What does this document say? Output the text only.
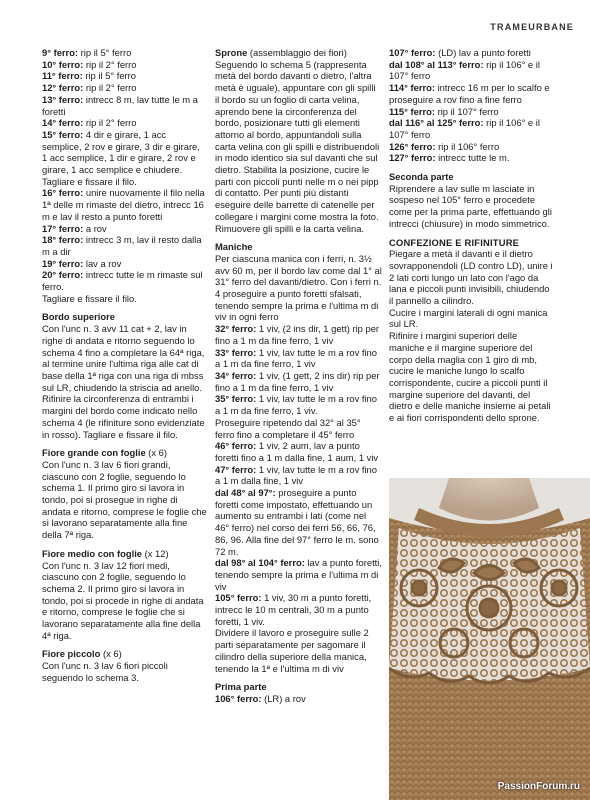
TRAMEURBANE

9° ferro: rip il 5° ferro

10° ferro: rip il 2° ferro

11° ferro: rip il 5° ferro

12° ferro: rip il 2° ferro

13° ferro: intrecc 8 m, lav tutte le m a foretti

14° ferro: rip il 2° ferro

15° ferro: 4 dir e girare, 1 acc semplice, 2 rov e girare, 3 dir e girare, 1 acc semplice, 1 dir e girare, 2 rov e girare, 1 acc semplice e chiudere.

Tagliare e fissare il filo.

16° ferro: unire nuovamente il filo nella 1ª delle m rimaste del dietro, intrecc 16 m e lav il resto a punto foretti

17° ferro: a rov

18° ferro: intrecc 3 m, lav il resto dalla m a dir

19° ferro: lav a rov

20° ferro: intrecc tutte le m rimaste sul ferro.

Tagliare e fissare il filo.

Bordo superiore

Con l'unc n. 3 avv 11 cat + 2, lav in righe di andata e ritorno seguendo lo schema 4 fino a completare la 64ª riga, al termine unire l'ultima riga alle cat di base della 1ª riga con una riga di mbss sul LR, chiudendo la striscia ad anello. Rifinire la circonferenza di entrambi i margini del bordo come indicato nello schema 4 (le rifiniture sono evidenziate in rosso). Tagliare e fissare il filo.

Fiore grande con foglie (x 6)

Con l'unc n. 3 lav 6 fiori grandi, ciascuno con 2 foglie, seguendo lo schema 1. Il primo giro si lavora in tondo, poi si prosegue in righe di andata e ritorno, comprese le foglie che si lavorano separatamente alla fine della 7ª riga.

Fiore medio con foglie (x 12)

Con l'unc n. 3 lav 12 fiori medi, ciascuno con 2 foglie, seguendo lo schema 2. Il primo giro si lavora in tondo, poi si procede in righe di andata e ritorno, comprese le foglie che si lavorano separatamente alla fine della 4ª riga.

Fiore piccolo (x 6)

Con l'unc n. 3 lav 6 fiori piccoli seguendo lo schema 3.

Sprone (assemblaggio dei fiori)

Seguendo lo schema 5 (rappresenta metà del bordo davanti o dietro, l'altra metà è uguale), appuntare con gli spilli il bordo su un foglio di carta velina, aprendo bene la circonferenza del bordo, posizionare tutti gli elementi attorno al bordo, appuntandoli sulla carta velina con gli spilli e distribuendoli in modo identico sia sul davanti che sul dietro. Stabilita la posizione, cucire le parti con piccoli punti nelle m o nei pipp di contatto. Per punti più distanti eseguire delle barrette di catenelle per collegare i margini come mostra la foto. Rimuovere gli spilli e la carta velina.

Maniche

Per ciascuna manica con i ferri, n. 3½ avv 60 m, per il bordo lav come dal 1° al 31° ferro del davanti/dietro. Con i ferri n. 4 proseguire a punto foretti sfalsati, tenendo sempre la prima e l'ultima m di viv in ogni ferro

32° ferro: 1 viv, (2 ins dir, 1 gett) rip per fino a 1 m da fine ferro, 1 viv

33° ferro: 1 viv, lav tutte le m a rov fino a 1 m da fine ferro, 1 viv

34° ferro: 1 viv, (1 gett, 2 ins dir) rip per fino a 1 m da fine ferro, 1 viv

35° ferro: 1 viv, lav tutte le m a rov fino a 1 m da fine ferro, 1 viv.

Proseguire ripetendo dal 32° al 35° ferro fino a completare il 45° ferro

46° ferro: 1 viv, 2 aum, lav a punto foretti fino a 1 m dalla fine, 1 aum, 1 viv

47° ferro: 1 viv, lav tutte le m a rov fino a 1 m dalla fine, 1 viv

dal 48° al 97°: proseguire a punto foretti come impostato, effettuando un aumento su entrambi i lati (come nel 46° ferro) nel corso dei ferri 56, 66, 76, 86, 96. Alla fine del 97° ferro le m. sono 72 m.

dal 98° al 104° ferro: lav a punto foretti, tenendo sempre la prima e l'ultima m di viv

105° ferro: 1 viv, 30 m a punto foretti, intrecc le 10 m centrali, 30 m a punto foretti, 1 viv.

Dividere il lavoro e proseguire sulle 2 parti separatamente per sagomare il cilindro della superiore della manica, tenendo la 1ª e l'ultima m di viv

Prima parte

106° ferro: (LR) a rov

107° ferro: (LD) lav a punto foretti

dal 108° al 113° ferro: rip il 106° e il 107° ferro

114° ferro: intrecc 16 m per lo scalfo e proseguire a rov fino a fine ferro

115° ferro: rip il 107° ferro

dal 116° al 125° ferro: rip il 106° e il 107° ferro

126° ferro: rip il 106° ferro

127° ferro: intrecc tutte le m.

Seconda parte

Riprendere a lav sulle m lasciate in sospeso nel 105° ferro e procedete come per la prima parte, effettuando gli intrecci (chiusure) in modo simmetrico.

CONFEZIONE E RIFINITURE

Piegare a metà il davanti e il dietro sovrapponendoli (LD contro LD), unire i 2 lati corti lungo un lato con l'ago da lana e piccoli punti invisibili, chiudendo il pannello a cilindro.

Cucire i margini laterali di ogni manica sul LR.

Rifinire i margini superiori delle maniche e il margine superiore del corpo della maglia con 1 giro di mb, cucire le maniche lungo lo scalfo corrispondente, cucire a piccoli punti il margine superiore del davanti, del dietro e delle maniche insieme ai petali e ai fiori corrispondenti dello sprone.

PassionForum.ru
